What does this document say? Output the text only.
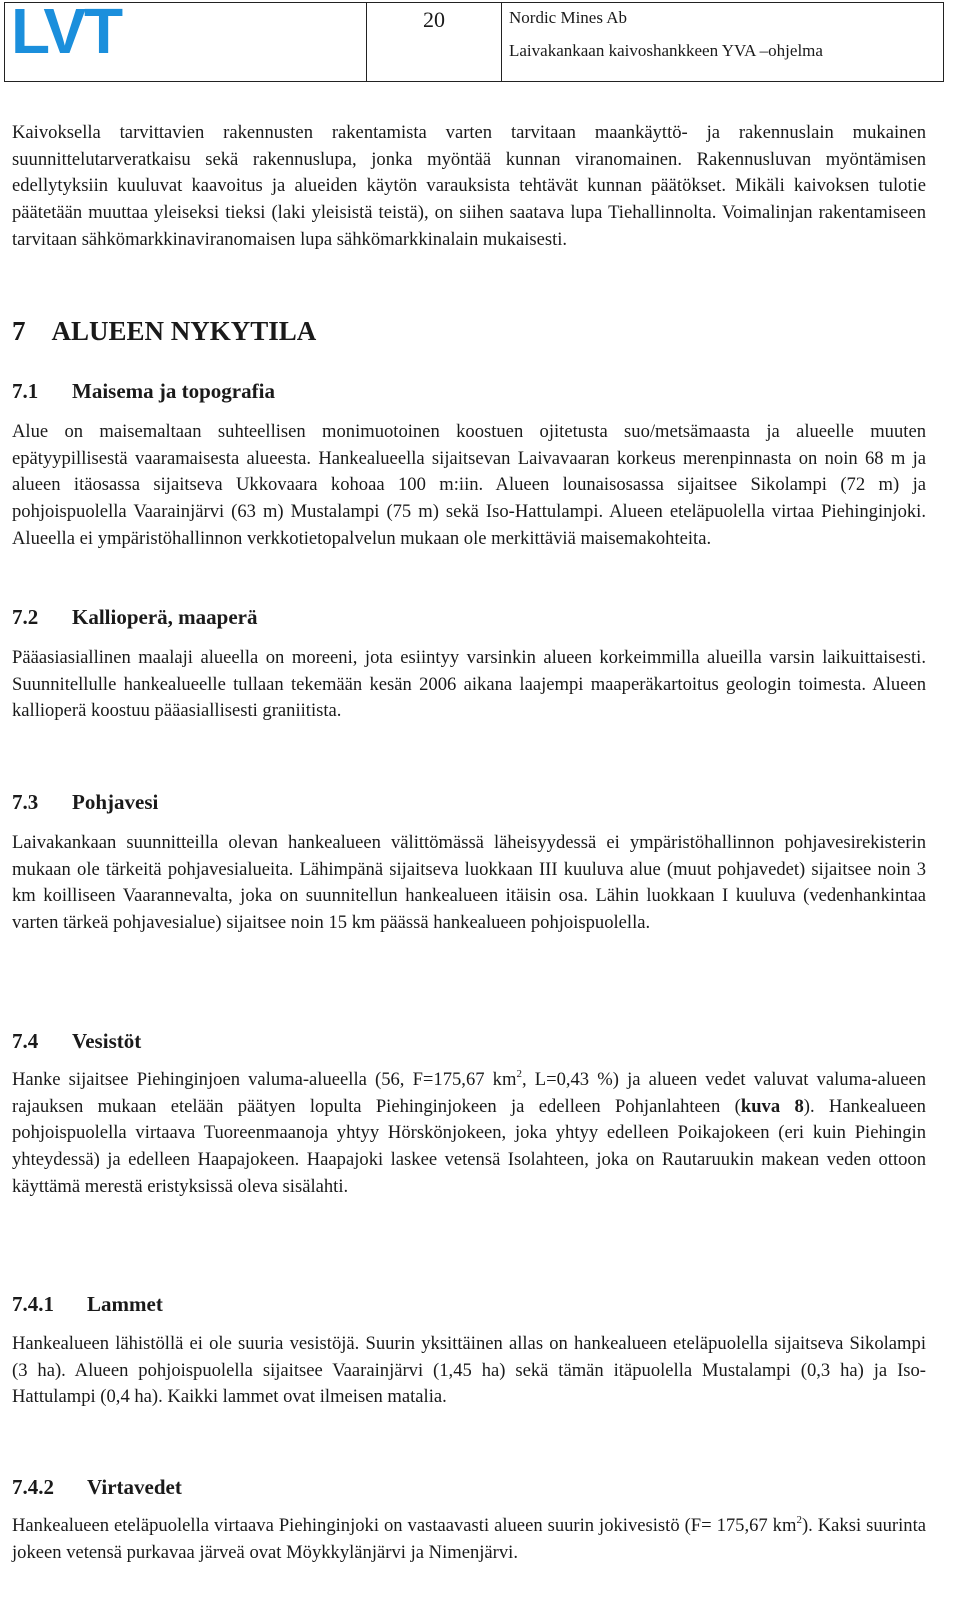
LVT	20	Nordic Mines Ab
Laivakankaan kaivoshankkeen YVA –ohjelma

Kaivoksella tarvittavien rakennusten rakentamista varten tarvitaan maankäyttö- ja rakennuslain mukainen suunnittelutarveratkaisu sekä rakennuslupa, jonka myöntää kunnan viranomainen. Rakennusluvan myöntämisen edellytyksiin kuuluvat kaavoitus ja alueiden käytön varauksista tehtävät kunnan päätökset. Mikäli kaivoksen tulotie päätetään muuttaa yleiseksi tieksi (laki yleisistä teistä), on siihen saatava lupa Tiehallinnolta. Voimalinjan rakentamiseen tarvitaan sähkömarkkinaviranomaisen lupa sähkömarkkinalain mukaisesti.

7 ALUEEN NYKYTILA
7.1 Maisema ja topografia

Alue on maisemaltaan suhteellisen monimuotoinen koostuen ojitetusta suo/metsämaasta ja alueelle muuten epätyypillisestä vaaramaisesta alueesta. Hankealueella sijaitsevan Laivavaaran korkeus merenpinnasta on noin 68 m ja alueen itäosassa sijaitseva Ukkovaara kohoaa 100 m:iin. Alueen lounaisosassa sijaitsee Sikolampi (72 m) ja pohjoispuolella Vaarainjärvi (63 m) Mustalampi (75 m) sekä Iso-Hattulampi. Alueen eteläpuolella virtaa Piehinginjoki. Alueella ei ympäristöhallinnon verkkotietopalvelun mukaan ole merkittäviä maisemakohteita.

7.2 Kallioperä, maaperä

Pääasiasiallinen maalaji alueella on moreeni, jota esiintyy varsinkin alueen korkeimmilla alueilla varsin laikuittaisesti. Suunnitellulle hankealueelle tullaan tekemään kesän 2006 aikana laajempi maaperäkartoitus geologin toimesta. Alueen kallioperä koostuu pääasiallisesti graniitista.

7.3 Pohjavesi

Laivakankaan suunnitteilla olevan hankealueen välittömässä läheisyydessä ei ympäristöhallinnon pohjavesirekisterin mukaan ole tärkeitä pohjavesialueita. Lähimpänä sijaitseva luokkaan III kuuluva alue (muut pohjavedet) sijaitsee noin 3 km koilliseen Vaarannevalta, joka on suunnitellun hankealueen itäisin osa. Lähin luokkaan I kuuluva (vedenhankintaa varten tärkeä pohjavesialue) sijaitsee noin 15 km päässä hankealueen pohjoispuolella.

7.4 Vesistöt

Hanke sijaitsee Piehinginjoen valuma-alueella (56, F=175,67 $km^2$, L=0,43 %) ja alueen vedet valuvat valuma-alueen rajauksen mukaan etelään päätyen lopulta Piehinginjokeen ja edelleen Pohjanlahteen (kuva 8). Hankealueen pohjoispuolella virtaava Tuoreenmaanoja yhtyy Hörskönjokeen, joka yhtyy edelleen Poikajokeen (eri kuin Piehingin yhteydessä) ja edelleen Haapajokeen. Haapajoki laskee vetensä Isolahteen, joka on Rautaruukin makean veden ottoon käyttämä merestä eristyksissä oleva sisälahti.

7.4.1 Lammet

Hankealueen lähistöllä ei ole suuria vesistöjä. Suurin yksittäinen allas on hankealueen eteläpuolella sijaitseva Sikolampi (3 ha). Alueen pohjoispuolella sijaitsee Vaarainjärvi (1,45 ha) sekä tämän itäpuolella Mustalampi (0,3 ha) ja Iso-Hattulampi (0,4 ha). Kaikki lammet ovat ilmeisen matalia.

7.4.2 Virtavedet

Hankealueen eteläpuolella virtaava Piehinginjoki on vastaavasti alueen suurin jokivesistö (F= 175,67 $km^2$). Kaksi suurinta jokeen vetensä purkavaa järveä ovat Möykkylänjärvi ja Nimenjärvi.
